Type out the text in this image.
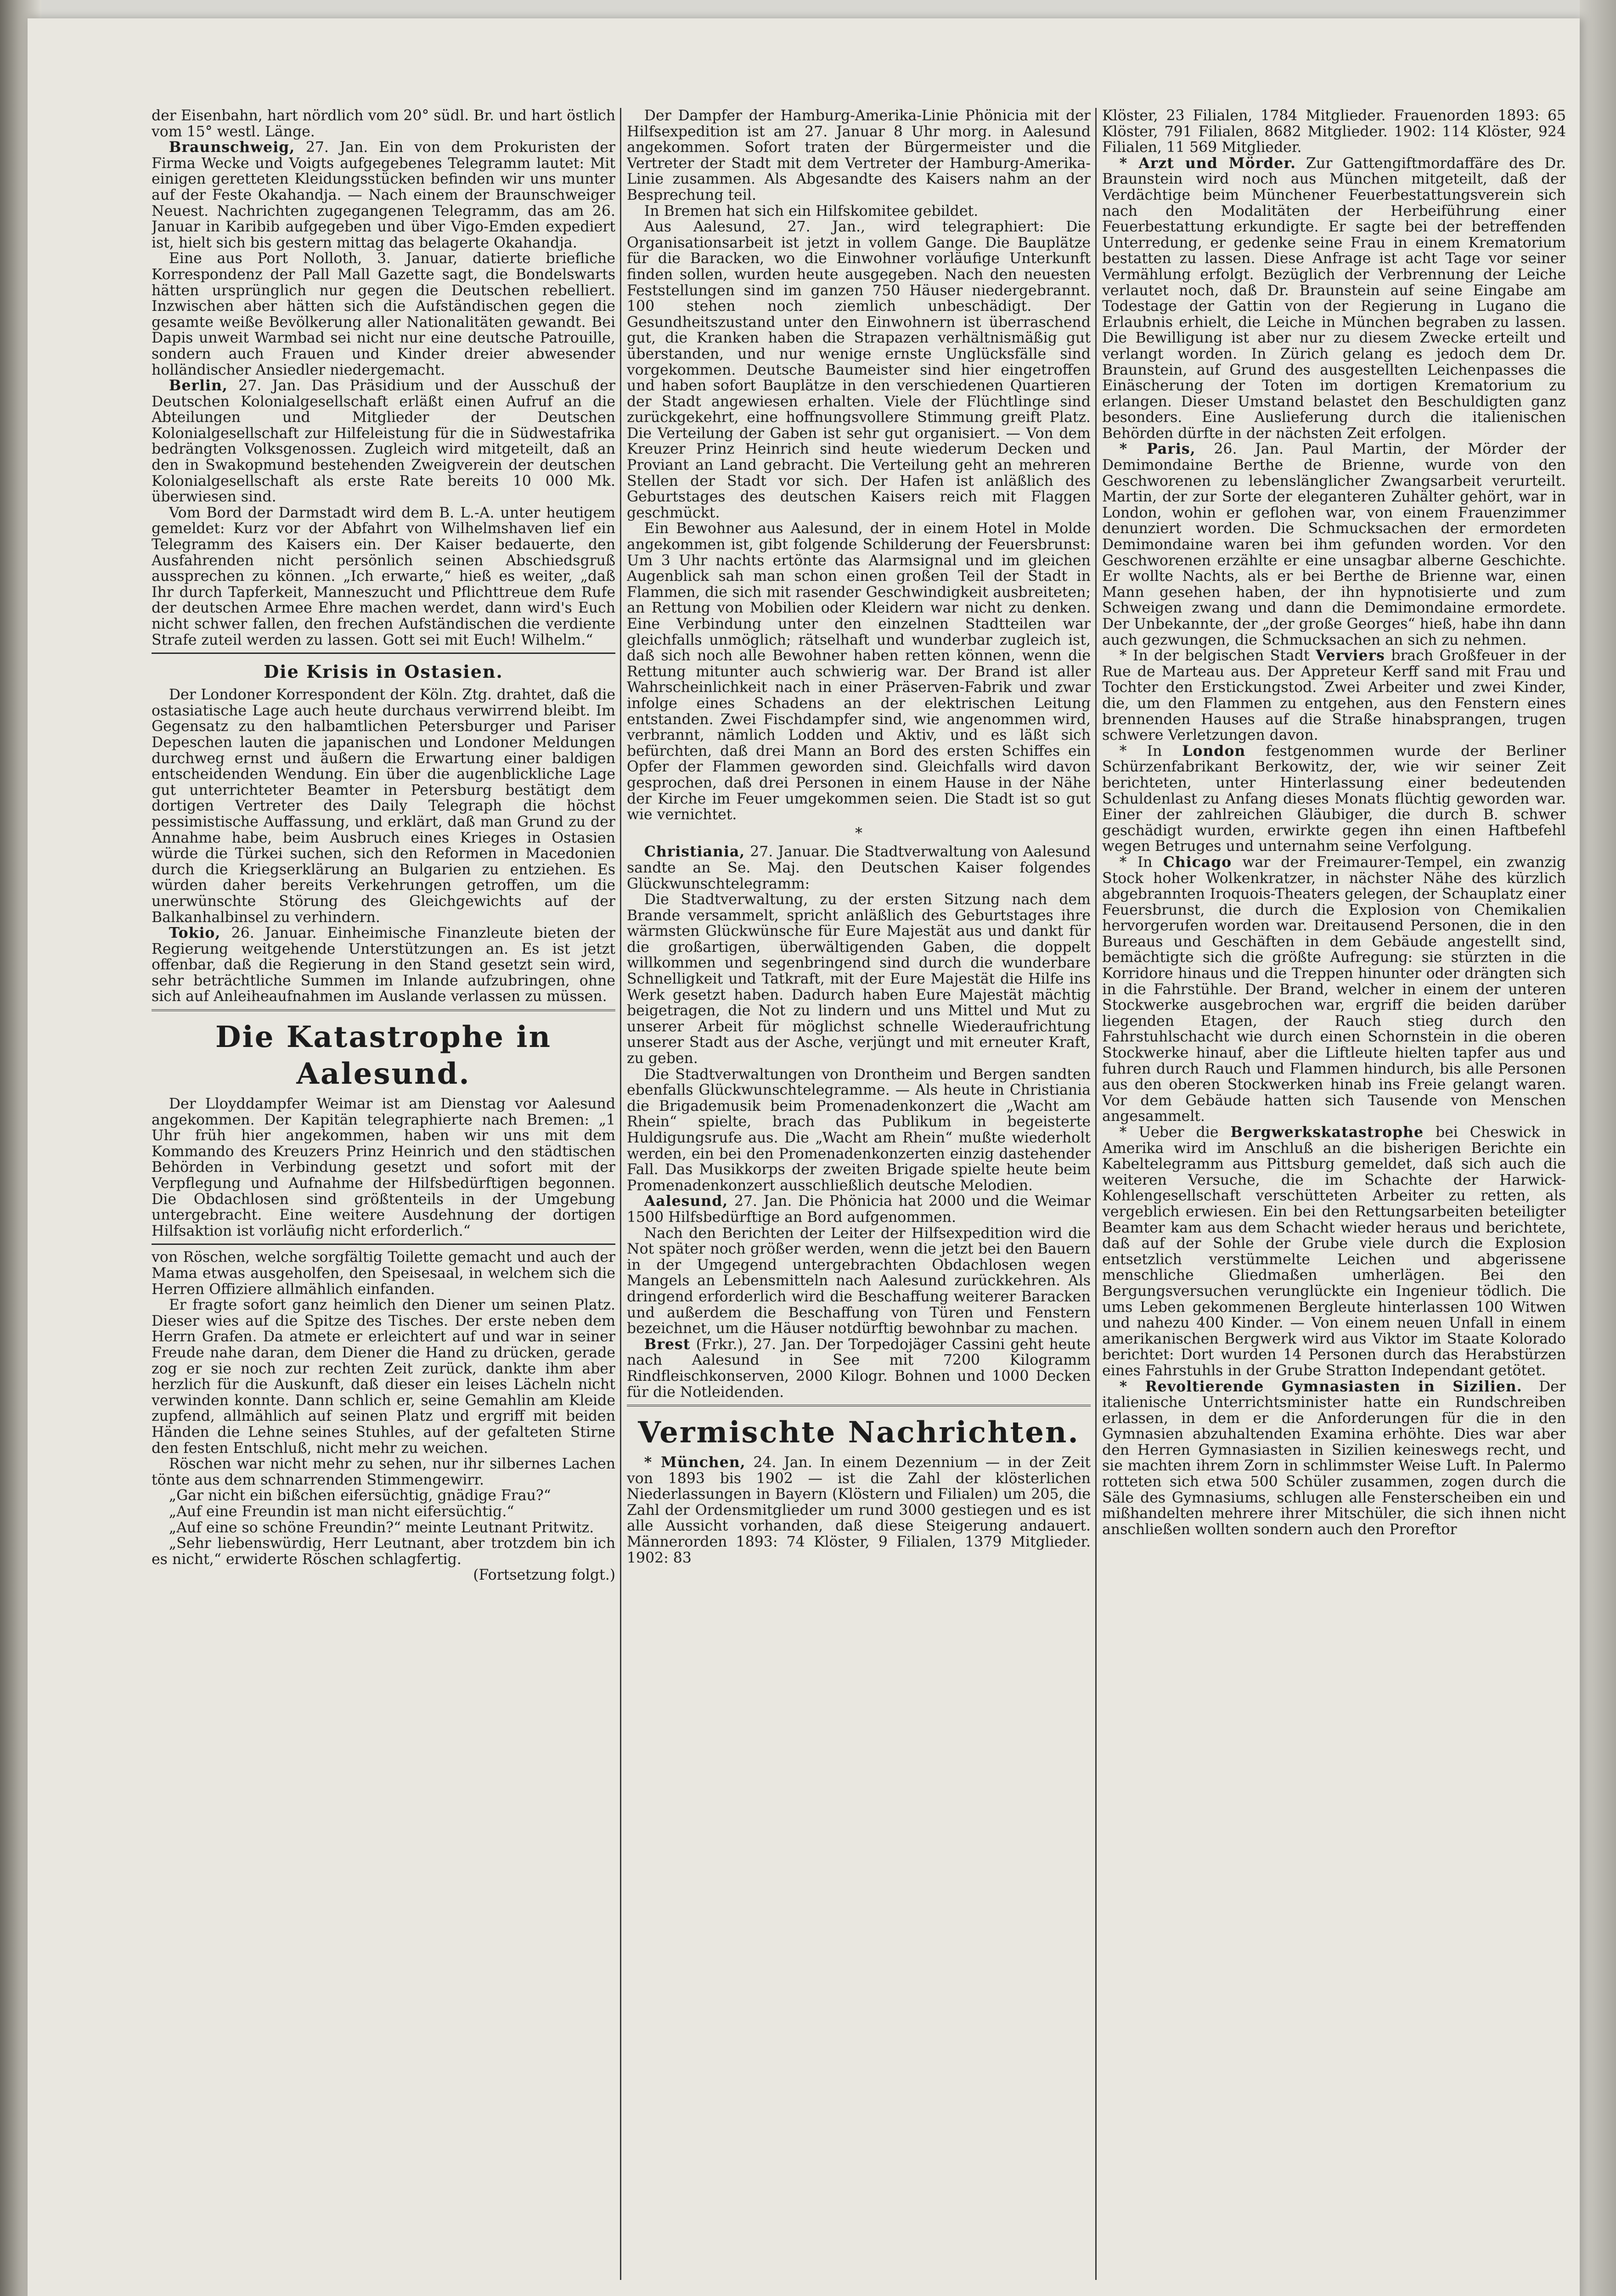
der Eisenbahn, hart nördlich vom 20° südl. Br. und hart östlich vom 15° westl. Länge.

Braunschweig, 27. Jan. Ein von dem Prokuristen der Firma Wecke und Voigts aufgegebenes Telegramm lautet: Mit einigen geretteten Kleidungsstücken befinden wir uns munter auf der Feste Okahandja. — Nach einem der Braunschweiger Neuest. Nachrichten zugegangenen Telegramm, das am 26. Januar in Karibib aufgegeben und über Vigo-Emden expediert ist, hielt sich bis gestern mittag das belagerte Okahandja.

Eine aus Port Nolloth, 3. Januar, datierte briefliche Korrespondenz der Pall Mall Gazette sagt, die Bondelswarts hätten ursprünglich nur gegen die Deutschen rebelliert. Inzwischen aber hätten sich die Aufständischen gegen die gesamte weiße Bevölkerung aller Nationalitäten gewandt. Bei Dapis unweit Warmbad sei nicht nur eine deutsche Patrouille, sondern auch Frauen und Kinder dreier abwesender holländischer Ansiedler niedergemacht.

Berlin, 27. Jan. Das Präsidium und der Ausschuß der Deutschen Kolonialgesellschaft erläßt einen Aufruf an die Abteilungen und Mitglieder der Deutschen Kolonialgesellschaft zur Hilfeleistung für die in Südwestafrika bedrängten Volksgenossen. Zugleich wird mitgeteilt, daß an den in Swakopmund bestehenden Zweigverein der deutschen Kolonialgesellschaft als erste Rate bereits 10 000 Mk. überwiesen sind.

Vom Bord der Darmstadt wird dem B. L.-A. unter heutigem gemeldet: Kurz vor der Abfahrt von Wilhelmshaven lief ein Telegramm des Kaisers ein. Der Kaiser bedauerte, den Ausfahrenden nicht persönlich seinen Abschiedsgruß aussprechen zu können. „Ich erwarte,“ hieß es weiter, „daß Ihr durch Tapferkeit, Manneszucht und Pflichttreue dem Rufe der deutschen Armee Ehre machen werdet, dann wird's Euch nicht schwer fallen, den frechen Aufständischen die verdiente Strafe zuteil werden zu lassen. Gott sei mit Euch! Wilhelm.“

Die Krisis in Ostasien.

Der Londoner Korrespondent der Köln. Ztg. drahtet, daß die ostasiatische Lage auch heute durchaus verwirrend bleibt. Im Gegensatz zu den halbamtlichen Petersburger und Pariser Depeschen lauten die japanischen und Londoner Meldungen durchweg ernst und äußern die Erwartung einer baldigen entscheidenden Wendung. Ein über die augenblickliche Lage gut unterrichteter Beamter in Petersburg bestätigt dem dortigen Vertreter des Daily Telegraph die höchst pessimistische Auffassung, und erklärt, daß man Grund zu der Annahme habe, beim Ausbruch eines Krieges in Ostasien würde die Türkei suchen, sich den Reformen in Macedonien durch die Kriegserklärung an Bulgarien zu entziehen. Es würden daher bereits Verkehrungen getroffen, um die unerwünschte Störung des Gleichgewichts auf der Balkanhalbinsel zu verhindern.

Tokio, 26. Januar. Einheimische Finanzleute bieten der Regierung weitgehende Unterstützungen an. Es ist jetzt offenbar, daß die Regierung in den Stand gesetzt sein wird, sehr beträchtliche Summen im Inlande aufzubringen, ohne sich auf Anleiheaufnahmen im Auslande verlassen zu müssen.

Die Katastrophe in Aalesund.

Der Lloyddampfer Weimar ist am Dienstag vor Aalesund angekommen. Der Kapitän telegraphierte nach Bremen: „1 Uhr früh hier angekommen, haben wir uns mit dem Kommando des Kreuzers Prinz Heinrich und den städtischen Behörden in Verbindung gesetzt und sofort mit der Verpflegung und Aufnahme der Hilfsbedürftigen begonnen. Die Obdachlosen sind größtenteils in der Umgebung untergebracht. Eine weitere Ausdehnung der dortigen Hilfsaktion ist vorläufig nicht erforderlich.“

von Röschen, welche sorgfältig Toilette gemacht und auch der Mama etwas ausgeholfen, den Speisesaal, in welchem sich die Herren Offiziere allmählich einfanden.

Er fragte sofort ganz heimlich den Diener um seinen Platz. Dieser wies auf die Spitze des Tisches. Der erste neben dem Herrn Grafen. Da atmete er erleichtert auf und war in seiner Freude nahe daran, dem Diener die Hand zu drücken, gerade zog er sie noch zur rechten Zeit zurück, dankte ihm aber herzlich für die Auskunft, daß dieser ein leises Lächeln nicht verwinden konnte. Dann schlich er, seine Gemahlin am Kleide zupfend, allmählich auf seinen Platz und ergriff mit beiden Händen die Lehne seines Stuhles, auf der gefalteten Stirne den festen Entschluß, nicht mehr zu weichen.

Röschen war nicht mehr zu sehen, nur ihr silbernes Lachen tönte aus dem schnarrenden Stimmengewirr.

„Gar nicht ein bißchen eifersüchtig, gnädige Frau?“

„Auf eine Freundin ist man nicht eifersüchtig.“

„Auf eine so schöne Freundin?“ meinte Leutnant Pritwitz.

„Sehr liebenswürdig, Herr Leutnant, aber trotzdem bin ich es nicht,“ erwiderte Röschen schlagfertig.

(Fortsetzung folgt.)

Der Dampfer der Hamburg-Amerika-Linie Phönicia mit der Hilfsexpedition ist am 27. Januar 8 Uhr morg. in Aalesund angekommen. Sofort traten der Bürgermeister und die Vertreter der Stadt mit dem Vertreter der Hamburg-Amerika-Linie zusammen. Als Abgesandte des Kaisers nahm an der Besprechung teil.

In Bremen hat sich ein Hilfskomitee gebildet.

Aus Aalesund, 27. Jan., wird telegraphiert: Die Organisationsarbeit ist jetzt in vollem Gange. Die Bauplätze für die Baracken, wo die Einwohner vorläufige Unterkunft finden sollen, wurden heute ausgegeben. Nach den neuesten Feststellungen sind im ganzen 750 Häuser niedergebrannt. 100 stehen noch ziemlich unbeschädigt. Der Gesundheitszustand unter den Einwohnern ist überraschend gut, die Kranken haben die Strapazen verhältnismäßig gut überstanden, und nur wenige ernste Unglücksfälle sind vorgekommen. Deutsche Baumeister sind hier eingetroffen und haben sofort Bauplätze in den verschiedenen Quartieren der Stadt angewiesen erhalten. Viele der Flüchtlinge sind zurückgekehrt, eine hoffnungsvollere Stimmung greift Platz. Die Verteilung der Gaben ist sehr gut organisiert. — Von dem Kreuzer Prinz Heinrich sind heute wiederum Decken und Proviant an Land gebracht. Die Verteilung geht an mehreren Stellen der Stadt vor sich. Der Hafen ist anläßlich des Geburtstages des deutschen Kaisers reich mit Flaggen geschmückt.

Ein Bewohner aus Aalesund, der in einem Hotel in Molde angekommen ist, gibt folgende Schilderung der Feuersbrunst: Um 3 Uhr nachts ertönte das Alarmsignal und im gleichen Augenblick sah man schon einen großen Teil der Stadt in Flammen, die sich mit rasender Geschwindigkeit ausbreiteten; an Rettung von Mobilien oder Kleidern war nicht zu denken. Eine Verbindung unter den einzelnen Stadtteilen war gleichfalls unmöglich; rätselhaft und wunderbar zugleich ist, daß sich noch alle Bewohner haben retten können, wenn die Rettung mitunter auch schwierig war. Der Brand ist aller Wahrscheinlichkeit nach in einer Präserven-Fabrik und zwar infolge eines Schadens an der elektrischen Leitung entstanden. Zwei Fischdampfer sind, wie angenommen wird, verbrannt, nämlich Lodden und Aktiv, und es läßt sich befürchten, daß drei Mann an Bord des ersten Schiffes ein Opfer der Flammen geworden sind. Gleichfalls wird davon gesprochen, daß drei Personen in einem Hause in der Nähe der Kirche im Feuer umgekommen seien. Die Stadt ist so gut wie vernichtet.

*

Christiania, 27. Januar. Die Stadtverwaltung von Aalesund sandte an Se. Maj. den Deutschen Kaiser folgendes Glückwunschtelegramm:

Die Stadtverwaltung, zu der ersten Sitzung nach dem Brande versammelt, spricht anläßlich des Geburtstages ihre wärmsten Glückwünsche für Eure Majestät aus und dankt für die großartigen, überwältigenden Gaben, die doppelt willkommen und segenbringend sind durch die wunderbare Schnelligkeit und Tatkraft, mit der Eure Majestät die Hilfe ins Werk gesetzt haben. Dadurch haben Eure Majestät mächtig beigetragen, die Not zu lindern und uns Mittel und Mut zu unserer Arbeit für möglichst schnelle Wiederaufrichtung unserer Stadt aus der Asche, verjüngt und mit erneuter Kraft, zu geben.

Die Stadtverwaltungen von Drontheim und Bergen sandten ebenfalls Glückwunschtelegramme. — Als heute in Christiania die Brigademusik beim Promenadenkonzert die „Wacht am Rhein“ spielte, brach das Publikum in begeisterte Huldigungsrufe aus. Die „Wacht am Rhein“ mußte wiederholt werden, ein bei den Promenadenkonzerten einzig dastehender Fall. Das Musikkorps der zweiten Brigade spielte heute beim Promenadenkonzert ausschließlich deutsche Melodien.

Aalesund, 27. Jan. Die Phönicia hat 2000 und die Weimar 1500 Hilfsbedürftige an Bord aufgenommen.

Nach den Berichten der Leiter der Hilfsexpedition wird die Not später noch größer werden, wenn die jetzt bei den Bauern in der Umgegend untergebrachten Obdachlosen wegen Mangels an Lebensmitteln nach Aalesund zurückkehren. Als dringend erforderlich wird die Beschaffung weiterer Baracken und außerdem die Beschaffung von Türen und Fenstern bezeichnet, um die Häuser notdürftig bewohnbar zu machen.

Brest (Frkr.), 27. Jan. Der Torpedojäger Cassini geht heute nach Aalesund in See mit 7200 Kilogramm Rindfleischkonserven, 2000 Kilogr. Bohnen und 1000 Decken für die Notleidenden.

Vermischte Nachrichten.

* München, 24. Jan. In einem Dezennium — in der Zeit von 1893 bis 1902 — ist die Zahl der klösterlichen Niederlassungen in Bayern (Klöstern und Filialen) um 205, die Zahl der Ordensmitglieder um rund 3000 gestiegen und es ist alle Aussicht vorhanden, daß diese Steigerung andauert. Männerorden 1893: 74 Klöster, 9 Filialen, 1379 Mitglieder. 1902: 83

Klöster, 23 Filialen, 1784 Mitglieder. Frauenorden 1893: 65 Klöster, 791 Filialen, 8682 Mitglieder. 1902: 114 Klöster, 924 Filialen, 11 569 Mitglieder.

* Arzt und Mörder. Zur Gattengiftmordaffäre des Dr. Braunstein wird noch aus München mitgeteilt, daß der Verdächtige beim Münchener Feuerbestattungsverein sich nach den Modalitäten der Herbeiführung einer Feuerbestattung erkundigte. Er sagte bei der betreffenden Unterredung, er gedenke seine Frau in einem Krematorium bestatten zu lassen. Diese Anfrage ist acht Tage vor seiner Vermählung erfolgt. Bezüglich der Verbrennung der Leiche verlautet noch, daß Dr. Braunstein auf seine Eingabe am Todestage der Gattin von der Regierung in Lugano die Erlaubnis erhielt, die Leiche in München begraben zu lassen. Die Bewilligung ist aber nur zu diesem Zwecke erteilt und verlangt worden. In Zürich gelang es jedoch dem Dr. Braunstein, auf Grund des ausgestellten Leichenpasses die Einäscherung der Toten im dortigen Krematorium zu erlangen. Dieser Umstand belastet den Beschuldigten ganz besonders. Eine Auslieferung durch die italienischen Behörden dürfte in der nächsten Zeit erfolgen.

* Paris, 26. Jan. Paul Martin, der Mörder der Demimondaine Berthe de Brienne, wurde von den Geschworenen zu lebenslänglicher Zwangsarbeit verurteilt. Martin, der zur Sorte der eleganteren Zuhälter gehört, war in London, wohin er geflohen war, von einem Frauenzimmer denunziert worden. Die Schmucksachen der ermordeten Demimondaine waren bei ihm gefunden worden. Vor den Geschworenen erzählte er eine unsagbar alberne Geschichte. Er wollte Nachts, als er bei Berthe de Brienne war, einen Mann gesehen haben, der ihn hypnotisierte und zum Schweigen zwang und dann die Demimondaine ermordete. Der Unbekannte, der „der große Georges“ hieß, habe ihn dann auch gezwungen, die Schmucksachen an sich zu nehmen.

* In der belgischen Stadt Verviers brach Großfeuer in der Rue de Marteau aus. Der Appreteur Kerff sand mit Frau und Tochter den Erstickungstod. Zwei Arbeiter und zwei Kinder, die, um den Flammen zu entgehen, aus den Fenstern eines brennenden Hauses auf die Straße hinabsprangen, trugen schwere Verletzungen davon.

* In London festgenommen wurde der Berliner Schürzenfabrikant Berkowitz, der, wie wir seiner Zeit berichteten, unter Hinterlassung einer bedeutenden Schuldenlast zu Anfang dieses Monats flüchtig geworden war. Einer der zahlreichen Gläubiger, die durch B. schwer geschädigt wurden, erwirkte gegen ihn einen Haftbefehl wegen Betruges und unternahm seine Verfolgung.

* In Chicago war der Freimaurer-Tempel, ein zwanzig Stock hoher Wolkenkratzer, in nächster Nähe des kürzlich abgebrannten Iroquois-Theaters gelegen, der Schauplatz einer Feuersbrunst, die durch die Explosion von Chemikalien hervorgerufen worden war. Dreitausend Personen, die in den Bureaus und Geschäften in dem Gebäude angestellt sind, bemächtigte sich die größte Aufregung: sie stürzten in die Korridore hinaus und die Treppen hinunter oder drängten sich in die Fahrstühle. Der Brand, welcher in einem der unteren Stockwerke ausgebrochen war, ergriff die beiden darüber liegenden Etagen, der Rauch stieg durch den Fahrstuhlschacht wie durch einen Schornstein in die oberen Stockwerke hinauf, aber die Liftleute hielten tapfer aus und fuhren durch Rauch und Flammen hindurch, bis alle Personen aus den oberen Stockwerken hinab ins Freie gelangt waren. Vor dem Gebäude hatten sich Tausende von Menschen angesammelt.

* Ueber die Bergwerkskatastrophe bei Cheswick in Amerika wird im Anschluß an die bisherigen Berichte ein Kabeltelegramm aus Pittsburg gemeldet, daß sich auch die weiteren Versuche, die im Schachte der Harwick-Kohlengesellschaft verschütteten Arbeiter zu retten, als vergeblich erwiesen. Ein bei den Rettungsarbeiten beteiligter Beamter kam aus dem Schacht wieder heraus und berichtete, daß auf der Sohle der Grube viele durch die Explosion entsetzlich verstümmelte Leichen und abgerissene menschliche Gliedmaßen umherlägen. Bei den Bergungsversuchen verunglückte ein Ingenieur tödlich. Die ums Leben gekommenen Bergleute hinterlassen 100 Witwen und nahezu 400 Kinder. — Von einem neuen Unfall in einem amerikanischen Bergwerk wird aus Viktor im Staate Kolorado berichtet: Dort wurden 14 Personen durch das Herabstürzen eines Fahrstuhls in der Grube Stratton Independant getötet.

* Revoltierende Gymnasiasten in Sizilien. Der italienische Unterrichtsminister hatte ein Rundschreiben erlassen, in dem er die Anforderungen für die in den Gymnasien abzuhaltenden Examina erhöhte. Dies war aber den Herren Gymnasiasten in Sizilien keineswegs recht, und sie machten ihrem Zorn in schlimmster Weise Luft. In Palermo rotteten sich etwa 500 Schüler zusammen, zogen durch die Säle des Gymnasiums, schlugen alle Fensterscheiben ein und mißhandelten mehrere ihrer Mitschüler, die sich ihnen nicht anschließen wollten sondern auch den Proreftor
